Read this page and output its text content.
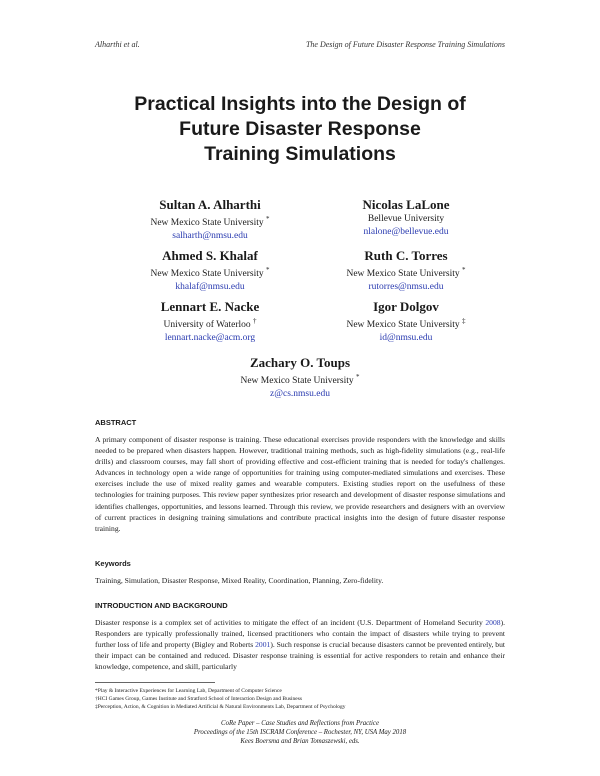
Alharthi et al.	The Design of Future Disaster Response Training Simulations
Practical Insights into the Design of
Future Disaster Response
Training Simulations
Sultan A. Alharthi
New Mexico State University *
salharth@nmsu.edu
Nicolas LaLone
Bellevue University
nlalone@bellevue.edu
Ahmed S. Khalaf
New Mexico State University *
khalaf@nmsu.edu
Ruth C. Torres
New Mexico State University *
rutorres@nmsu.edu
Lennart E. Nacke
University of Waterloo †
lennart.nacke@acm.org
Igor Dolgov
New Mexico State University ‡
id@nmsu.edu
Zachary O. Toups
New Mexico State University *
z@cs.nmsu.edu
ABSTRACT
A primary component of disaster response is training. These educational exercises provide responders with the knowledge and skills needed to be prepared when disasters happen. However, traditional training methods, such as high-fidelity simulations (e.g., real-life drills) and classroom courses, may fall short of providing effective and cost-efficient training that is needed for today's challenges. Advances in technology open a wide range of opportunities for training using computer-mediated simulations and exercises. These exercises include the use of mixed reality games and wearable computers. Existing studies report on the usefulness of these technologies for training purposes. This review paper synthesizes prior research and development of disaster response simulations and identifies challenges, opportunities, and lessons learned. Through this review, we provide researchers and designers with an overview of current practices in designing training simulations and contribute practical insights into the design of future disaster response training.
Keywords
Training, Simulation, Disaster Response, Mixed Reality, Coordination, Planning, Zero-fidelity.
INTRODUCTION AND BACKGROUND
Disaster response is a complex set of activities to mitigate the effect of an incident (U.S. Department of Homeland Security 2008). Responders are typically professionally trained, licensed practitioners who contain the impact of disasters while trying to prevent further loss of life and property (Bigley and Roberts 2001). Such response is crucial because disasters cannot be prevented entirely, but their impact can be contained and reduced. Disaster response training is essential for active responders to retain and enhance their knowledge, competence, and skill, particularly
*Play & Interactive Experiences for Learning Lab, Department of Computer Science
†HCI Games Group, Games Institute and Stratford School of Interaction Design and Business
‡Perception, Action, & Cognition in Mediated Artificial & Natural Environments Lab, Department of Psychology
CoRe Paper – Case Studies and Reflections from Practice
Proceedings of the 15th ISCRAM Conference – Rochester, NY, USA May 2018
Kees Boersma and Brian Tomaszewski, eds.
